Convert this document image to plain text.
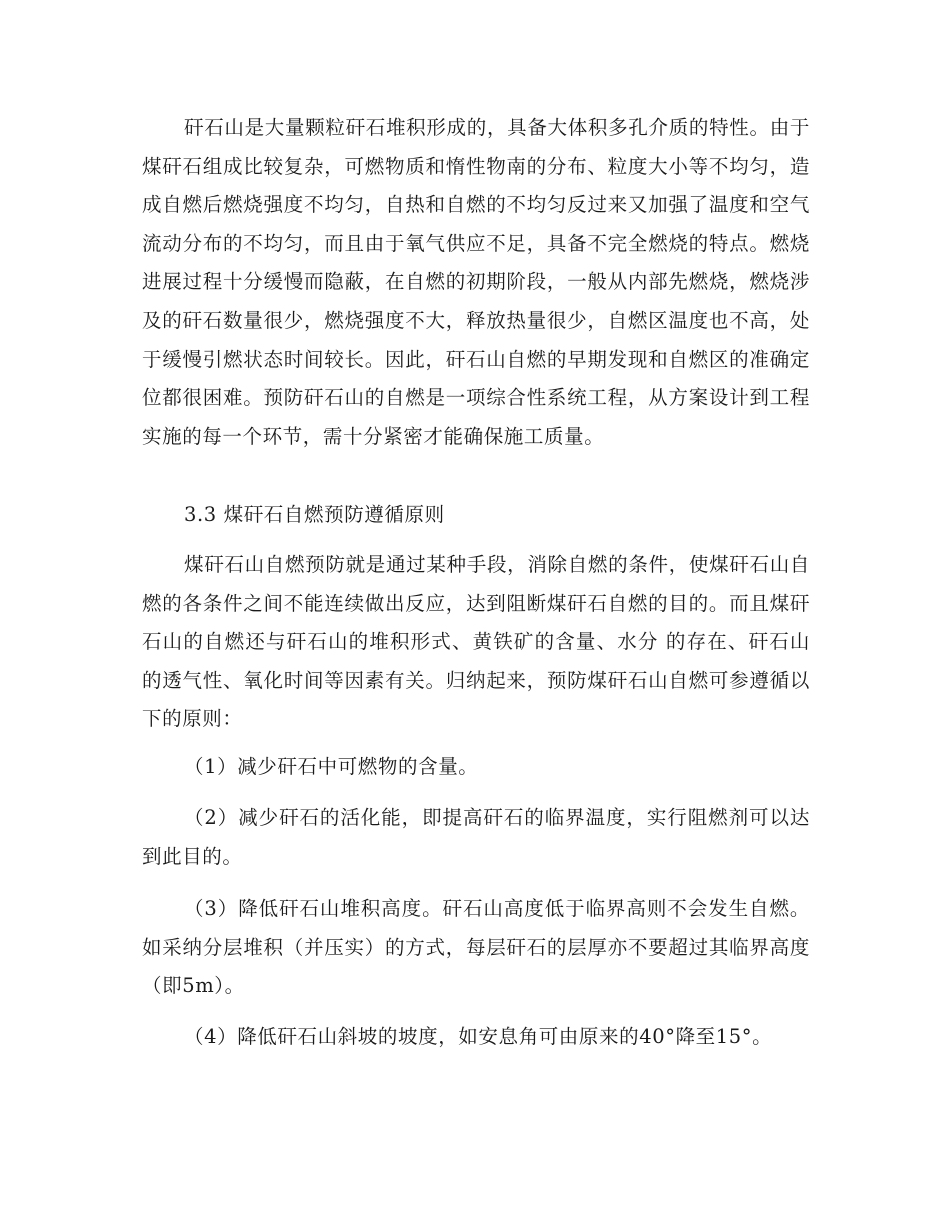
矸石山是大量颗粒矸石堆积形成的，具备大体积多孔介质的特性。由于煤矸石组成比较复杂，可燃物质和惰性物南的分布、粒度大小等不均匀，造成自燃后燃烧强度不均匀，自热和自燃的不均匀反过来又加强了温度和空气流动分布的不均匀，而且由于氧气供应不足，具备不完全燃烧的特点。燃烧进展过程十分缓慢而隐蔽，在自燃的初期阶段，一般从内部先燃烧，燃烧涉及的矸石数量很少，燃烧强度不大，释放热量很少，自燃区温度也不高，处于缓慢引燃状态时间较长。因此，矸石山自燃的早期发现和自燃区的准确定位都很困难。预防矸石山的自燃是一项综合性系统工程，从方案设计到工程实施的每一个环节，需十分紧密才能确保施工质量。

3.3 煤矸石自燃预防遵循原则

煤矸石山自燃预防就是通过某种手段，消除自燃的条件，使煤矸石山自燃的各条件之间不能连续做出反应，达到阻断煤矸石自燃的目的。而且煤矸石山的自燃还与矸石山的堆积形式、黄铁矿的含量、水分 的存在、矸石山的透气性、氧化时间等因素有关。归纳起来，预防煤矸石山自燃可参遵循以下的原则：

（1）减少矸石中可燃物的含量。

（2）减少矸石的活化能，即提高矸石的临界温度，实行阻燃剂可以达到此目的。

（3）降低矸石山堆积高度。矸石山高度低于临界高则不会发生自燃。如采纳分层堆积（并压实）的方式，每层矸石的层厚亦不要超过其临界高度（即5m）。

（4）降低矸石山斜坡的坡度，如安息角可由原来的40°降至15°。
